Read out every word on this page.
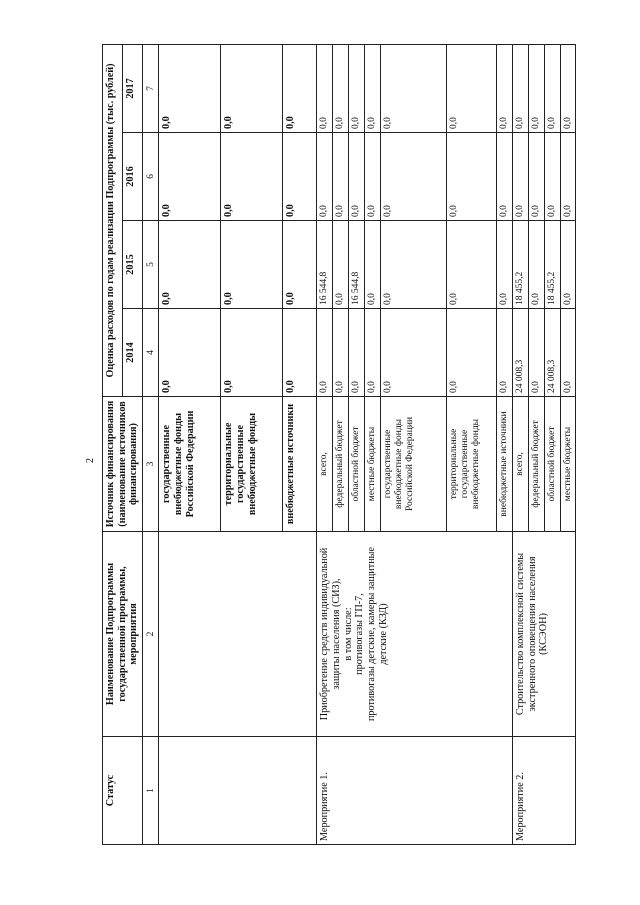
2
Статус	Наименование Подпрограммы государственной программы, мероприятия	Источник финансирования (наименование источников финансирования)	Оценка расходов по годам реализации Подпрограммы (тыс. рублей)			
			2014	2015	2016	2017
1	2	3	4	5	6	7
		государственные внебюджетные фонды Российской Федерации	0,0	0,0	0,0	0,0
		территориальные государственные внебюджетные фонды	0,0	0,0	0,0	0,0
		внебюджетные источники	0,0	0,0	0,0	0,0
Мероприятие 1.	Приобретение средств индивидуальной защиты населения (СИЗ), в том числе: противогазы ГП-7, противогазы детские, камеры защитные детские (КЗД)	всего,	0,0	16 544,8	0,0	0,0
		федеральный бюджет	0,0	0,0	0,0	0,0
		областной бюджет	0,0	16 544,8	0,0	0,0
		местные бюджеты	0,0	0,0	0,0	0,0
		государственные внебюджетные фонды Российской Федерации	0,0	0,0	0,0	0,0
		территориальные государственные внебюджетные фонды	0,0	0,0	0,0	0,0
		внебюджетные источники	0,0	0,0	0,0	0,0
Мероприятие 2.	Строительство комплексной системы экстренного оповещения населения (КСЭОН)	всего,	24 008,3	18 455,2	0,0	0,0
		федеральный бюджет	0,0	0,0	0,0	0,0
		областной бюджет	24 008,3	18 455,2	0,0	0,0
		местные бюджеты	0,0	0,0	0,0	0,0
